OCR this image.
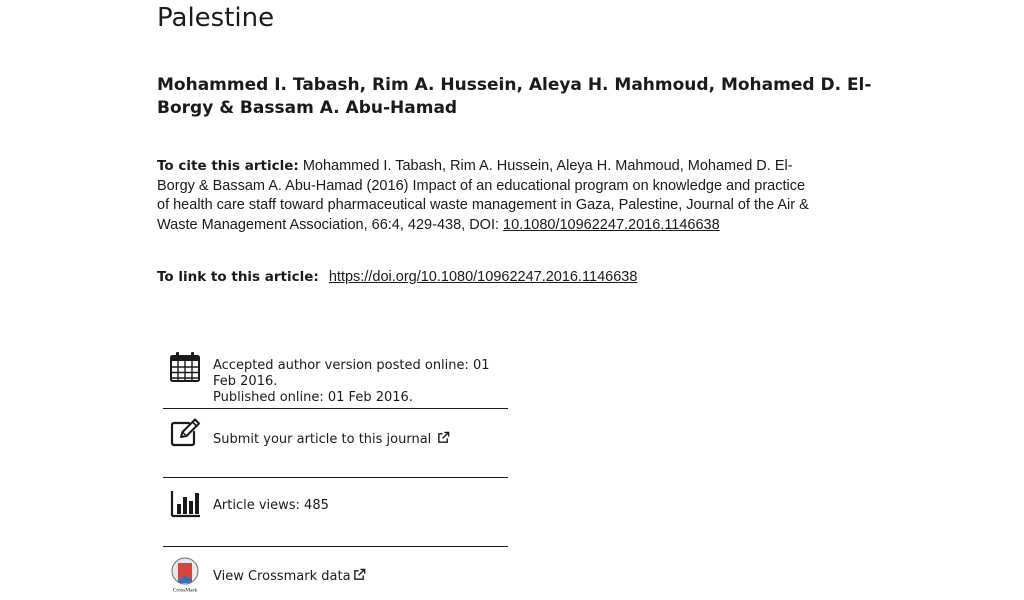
Palestine

Mohammed I. Tabash, Rim A. Hussein, Aleya H. Mahmoud, Mohamed D. El-Borgy & Bassam A. Abu-Hamad

To cite this article: Mohammed I. Tabash, Rim A. Hussein, Aleya H. Mahmoud, Mohamed D. El-Borgy & Bassam A. Abu-Hamad (2016) Impact of an educational program on knowledge and practice of health care staff toward pharmaceutical waste management in Gaza, Palestine, Journal of the Air & Waste Management Association, 66:4, 429-438, DOI: 10.1080/10962247.2016.1146638

To link to this article: https://doi.org/10.1080/10962247.2016.1146638

Accepted author version posted online: 01
Feb 2016.
Published online: 01 Feb 2016.
Submit your article to this journal
Article views: 485
CrossMark
View Crossmark data
